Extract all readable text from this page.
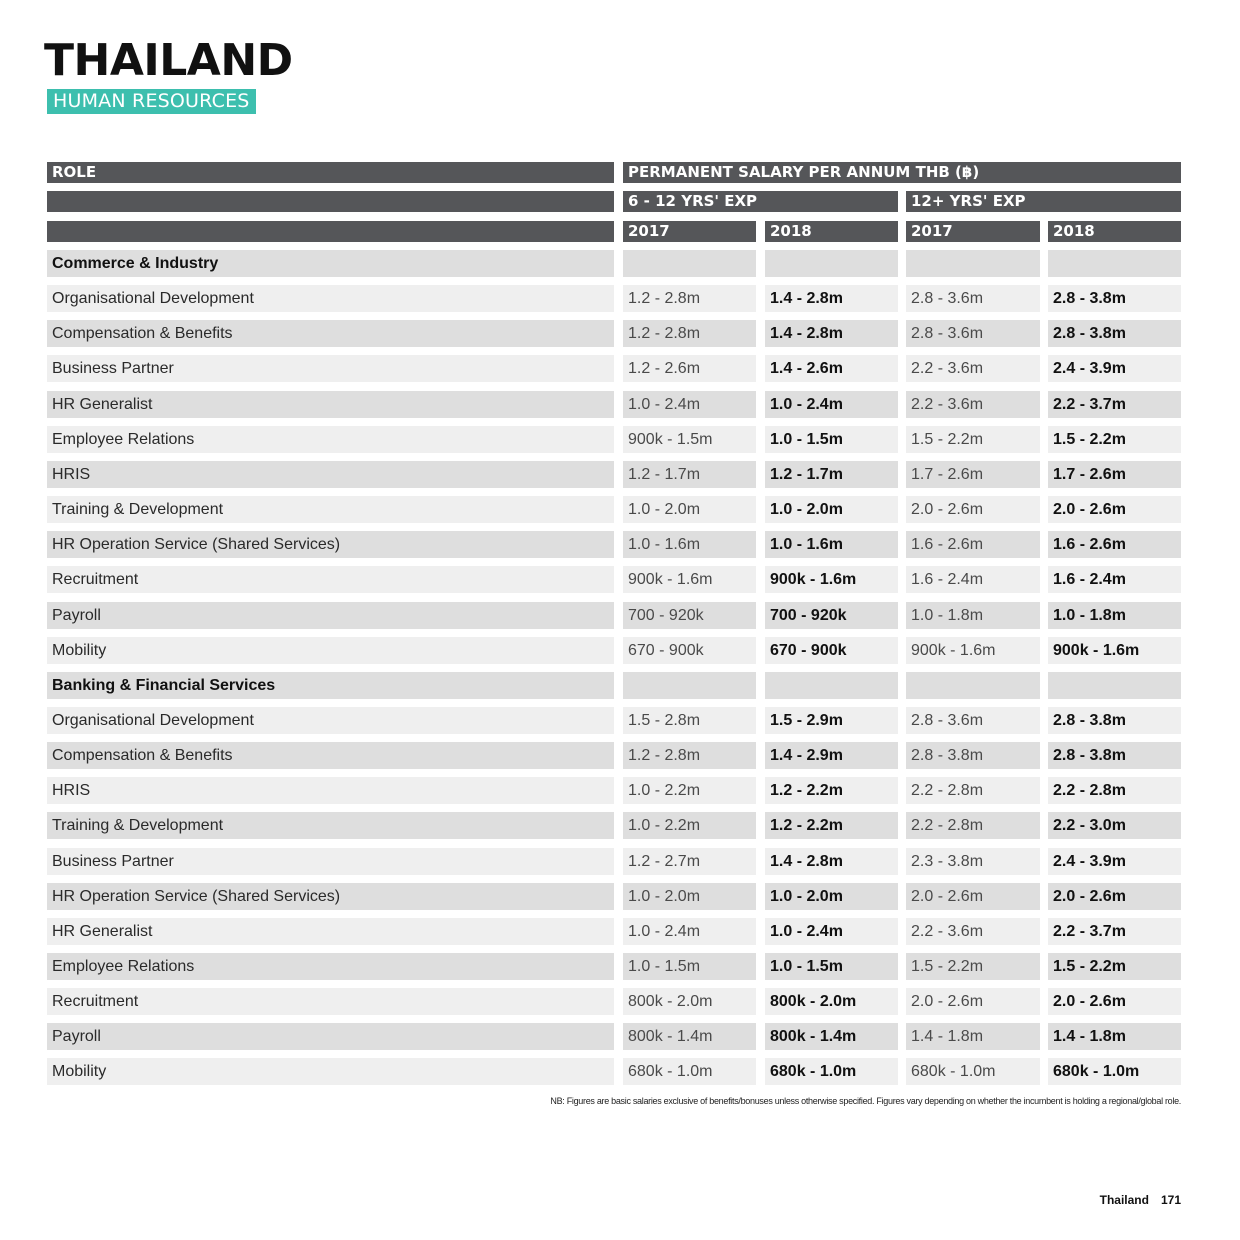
THAILAND
HUMAN RESOURCES
ROLE	PERMANENT SALARY PER ANNUM THB (฿)
6 - 12 YRS' EXP	12+ YRS' EXP
2017	2018	2017	2018
Commerce & Industry
Organisational Development	1.2 - 2.8m	1.4 - 2.8m	2.8 - 3.6m	2.8 - 3.8m
Compensation & Benefits	1.2 - 2.8m	1.4 - 2.8m	2.8 - 3.6m	2.8 - 3.8m
Business Partner	1.2 - 2.6m	1.4 - 2.6m	2.2 - 3.6m	2.4 - 3.9m
HR Generalist	1.0 - 2.4m	1.0 - 2.4m	2.2 - 3.6m	2.2 - 3.7m
Employee Relations	900k - 1.5m	1.0 - 1.5m	1.5 - 2.2m	1.5 - 2.2m
HRIS	1.2 - 1.7m	1.2 - 1.7m	1.7 - 2.6m	1.7 - 2.6m
Training & Development	1.0 - 2.0m	1.0 - 2.0m	2.0 - 2.6m	2.0 - 2.6m
HR Operation Service (Shared Services)	1.0 - 1.6m	1.0 - 1.6m	1.6 - 2.6m	1.6 - 2.6m
Recruitment	900k - 1.6m	900k - 1.6m	1.6 - 2.4m	1.6 - 2.4m
Payroll	700 - 920k	700 - 920k	1.0 - 1.8m	1.0 - 1.8m
Mobility	670 - 900k	670 - 900k	900k - 1.6m	900k - 1.6m
Banking & Financial Services
Organisational Development	1.5 - 2.8m	1.5 - 2.9m	2.8 - 3.6m	2.8 - 3.8m
Compensation & Benefits	1.2 - 2.8m	1.4 - 2.9m	2.8 - 3.8m	2.8 - 3.8m
HRIS	1.0 - 2.2m	1.2 - 2.2m	2.2 - 2.8m	2.2 - 2.8m
Training & Development	1.0 - 2.2m	1.2 - 2.2m	2.2 - 2.8m	2.2 - 3.0m
Business Partner	1.2 - 2.7m	1.4 - 2.8m	2.3 - 3.8m	2.4 - 3.9m
HR Operation Service (Shared Services)	1.0 - 2.0m	1.0 - 2.0m	2.0 - 2.6m	2.0 - 2.6m
HR Generalist	1.0 - 2.4m	1.0 - 2.4m	2.2 - 3.6m	2.2 - 3.7m
Employee Relations	1.0 - 1.5m	1.0 - 1.5m	1.5 - 2.2m	1.5 - 2.2m
Recruitment	800k - 2.0m	800k - 2.0m	2.0 - 2.6m	2.0 - 2.6m
Payroll	800k - 1.4m	800k - 1.4m	1.4 - 1.8m	1.4 - 1.8m
Mobility	680k - 1.0m	680k - 1.0m	680k - 1.0m	680k - 1.0m
NB: Figures are basic salaries exclusive of benefits/bonuses unless otherwise specified. Figures vary depending on whether the incumbent is holding a regional/global role.
Thailand 171
